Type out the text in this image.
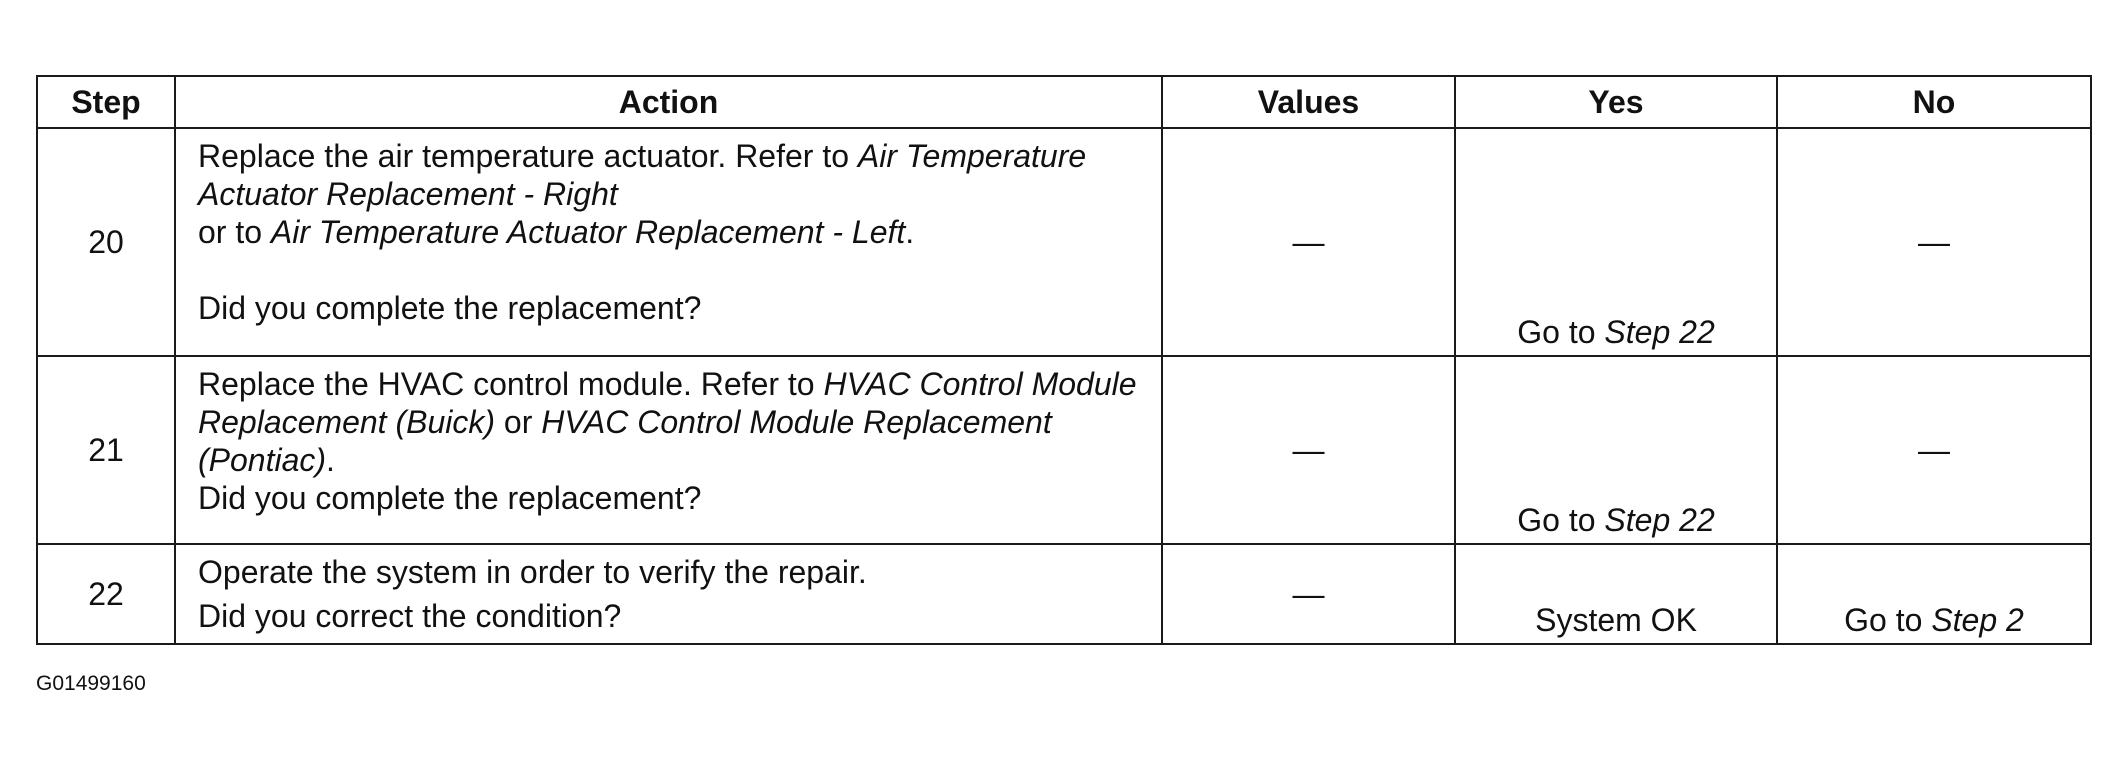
Step	Action	Values	Yes	No
20	Replace the air temperature actuator. Refer to Air Temperature Actuator Replacement - Right
or to Air Temperature Actuator Replacement - Left.
Did you complete the replacement?	—	Go to Step 22	—
21	Replace the HVAC control module. Refer to HVAC Control Module Replacement (Buick) or HVAC Control Module Replacement (Pontiac).
Did you complete the replacement?	—	Go to Step 22	—
22	Operate the system in order to verify the repair.
Did you correct the condition?	—	System OK	Go to Step 2
G01499160
